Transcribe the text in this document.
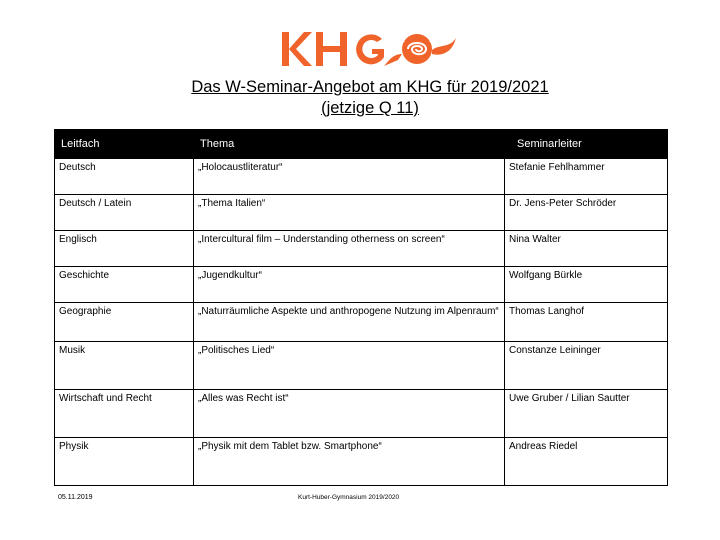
Das W-Seminar-Angebot am KHG für 2019/2021
(jetzige Q 11)
Leitfach	Thema	Seminarleiter
Deutsch	„Holocaustliteratur“	Stefanie Fehlhammer
Deutsch / Latein	„Thema Italien“	Dr. Jens-Peter Schröder
Englisch	„Intercultural film – Understanding otherness on screen“	Nina Walter
Geschichte	„Jugendkultur“	Wolfgang Bürkle
Geographie	„Naturräumliche Aspekte und anthropogene Nutzung im Alpenraum“	Thomas Langhof
Musik	„Politisches Lied“	Constanze Leininger
Wirtschaft und Recht	„Alles was Recht ist“	Uwe Gruber / Lilian Sautter
Physik	„Physik mit dem Tablet bzw. Smartphone“	Andreas Riedel
05.11.2019	Kurt-Huber-Gymnasium 2019/2020
